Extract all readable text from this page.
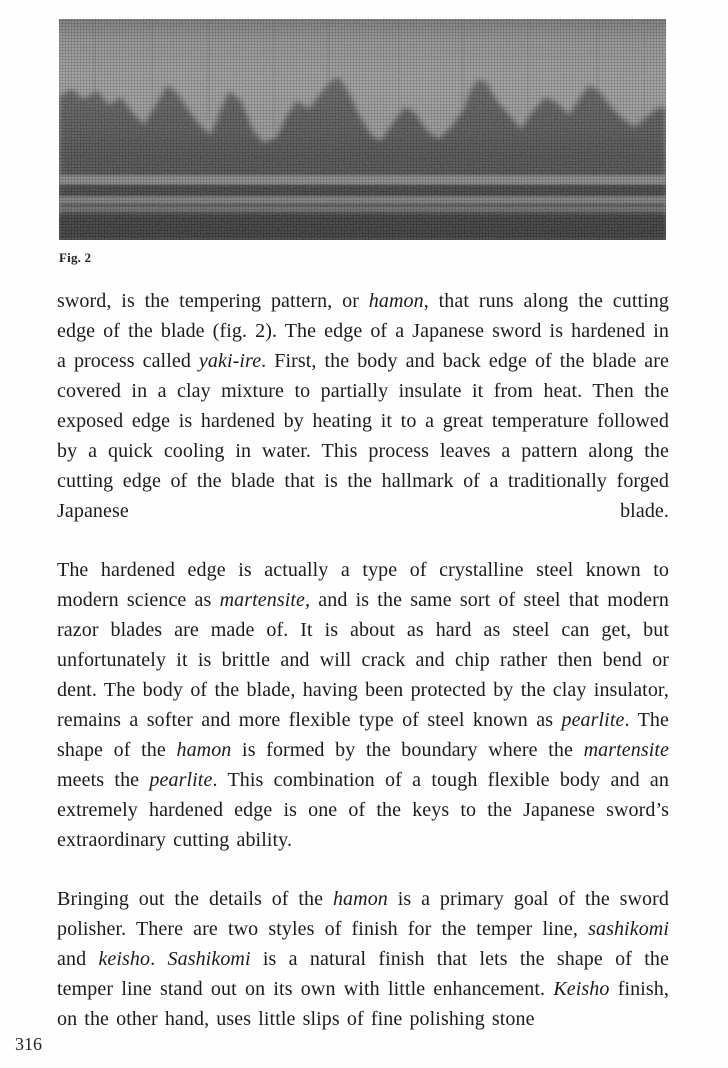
Fig. 2

sword, is the tempering pattern, or hamon, that runs along the cutting edge of the blade (fig. 2). The edge of a Japanese sword is hardened in a process called yaki-ire. First, the body and back edge of the blade are covered in a clay mixture to partially insulate it from heat. Then the exposed edge is hardened by heating it to a great temperature followed by a quick cooling in water. This process leaves a pattern along the cutting edge of the blade that is the hallmark of a traditionally forged Japanese blade.

The hardened edge is actually a type of crystalline steel known to modern science as martensite, and is the same sort of steel that modern razor blades are made of. It is about as hard as steel can get, but unfortunately it is brittle and will crack and chip rather then bend or dent. The body of the blade, having been protected by the clay insulator, remains a softer and more flexible type of steel known as pearlite. The shape of the hamon is formed by the boundary where the martensite meets the pearlite. This combination of a tough flexible body and an extremely hardened edge is one of the keys to the Japanese sword’s extraordinary cutting ability.

Bringing out the details of the hamon is a primary goal of the sword polisher. There are two styles of finish for the temper line, sashikomi and keisho. Sashikomi is a natural finish that lets the shape of the temper line stand out on its own with little enhancement. Keisho finish, on the other hand, uses little slips of fine polishing stone

316
